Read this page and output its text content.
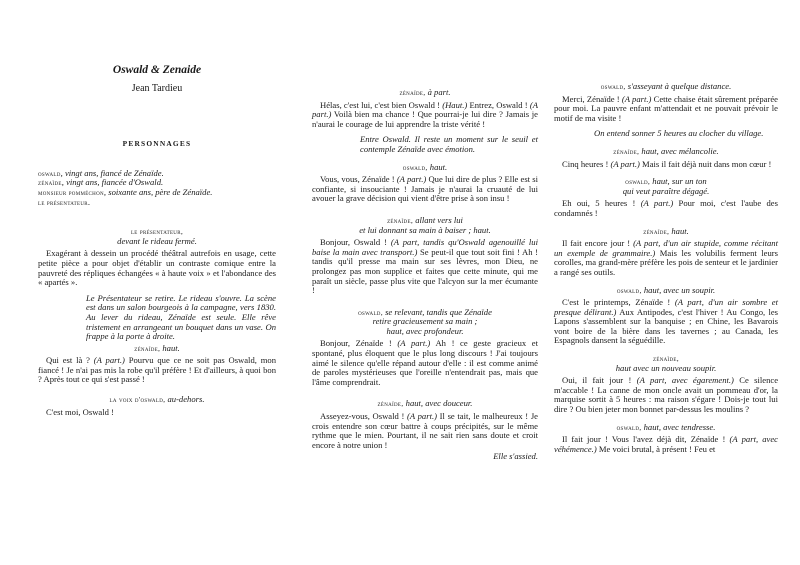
Oswald & Zenaide
Jean Tardieu
PERSONNAGES
oswald, vingt ans, fiancé de Zénaïde.
zénaïde, vingt ans, fiancée d'Oswald.
monsieur pomméchon, soixante ans, père de Zénaïde.
le présentateur.
le présentateur,
devant le rideau fermé.

Exagérant à dessein un procédé théâtral autrefois en usage, cette petite pièce a pour objet d'établir un contraste comique entre la pauvreté des répliques échangées « à haute voix » et l'abondance des « apartés ».

Le Présentateur se retire. Le rideau s'ouvre. La scène est dans un salon bourgeois à la campagne, vers 1830. Au lever du rideau, Zénaïde est seule. Elle rêve tristement en arrangeant un bouquet dans un vase. On frappe à la porte à droite.
zénaïde, haut.

Qui est là ? (A part.) Pourvu que ce ne soit pas Oswald, mon fiancé ! Je n'ai pas mis la robe qu'il préfère ! Et d'ailleurs, à quoi bon ? Après tout ce qui s'est passé !

la voix d'oswald, au-dehors.

C'est moi, Oswald !

zénaïde, à part.

Hélas, c'est lui, c'est bien Oswald ! (Haut.) Entrez, Oswald ! (A part.) Voilà bien ma chance ! Que pourrai-je lui dire ? Jamais je n'aurai le courage de lui apprendre la triste vérité !

Entre Oswald. Il reste un moment sur le seuil et contemple Zénaïde avec émotion.
oswald, haut.

Vous, vous, Zénaïde ! (A part.) Que lui dire de plus ? Elle est si confiante, si insouciante ! Jamais je n'aurai la cruauté de lui avouer la grave décision qui vient d'être prise à son insu !

zénaïde, allant vers lui
et lui donnant sa main à baiser ; haut.

Bonjour, Oswald ! (A part, tandis qu'Oswald agenouillé lui baise la main avec transport.) Se peut-il que tout soit fini ! Ah ! tandis qu'il presse ma main sur ses lèvres, mon Dieu, ne prolongez pas mon supplice et faites que cette minute, qui me paraît un siècle, passe plus vite que l'alcyon sur la mer écumante !

oswald, se relevant, tandis que Zénaïde
retire gracieusement sa main ;
haut, avec profondeur.

Bonjour, Zénaïde ! (A part.) Ah ! ce geste gracieux et spontané, plus éloquent que le plus long discours ! J'ai toujours aimé le silence qu'elle répand autour d'elle : il est comme animé de paroles mystérieuses que l'oreille n'entendrait pas, mais que l'âme comprendrait.

zénaïde, haut, avec douceur.

Asseyez-vous, Oswald ! (A part.) Il se tait, le malheureux ! Je crois entendre son cœur battre à coups précipités, sur le même rythme que le mien. Pourtant, il ne sait rien sans doute et croit encore à notre union !

Elle s'assied.
oswald, s'asseyant à quelque distance.

Merci, Zénaïde ! (A part.) Cette chaise était sûrement préparée pour moi. La pauvre enfant m'attendait et ne pouvait prévoir le motif de ma visite !

On entend sonner 5 heures au clocher du village.
zénaïde, haut, avec mélancolie.

Cinq heures ! (A part.) Mais il fait déjà nuit dans mon cœur !

oswald, haut, sur un ton
qui veut paraître dégagé.

Eh oui, 5 heures ! (A part.) Pour moi, c'est l'aube des condamnés !

zénaïde, haut.

Il fait encore jour ! (A part, d'un air stupide, comme récitant un exemple de grammaire.) Mais les volubilis ferment leurs corolles, ma grand-mère préfère les pois de senteur et le jardinier a rangé ses outils.

oswald, haut, avec un soupir.

C'est le printemps, Zénaïde ! (A part, d'un air sombre et presque délirant.) Aux Antipodes, c'est l'hiver ! Au Congo, les Lapons s'assemblent sur la banquise ; en Chine, les Bavarois vont boire de la bière dans les tavernes ; au Canada, les Espagnols dansent la séguédille.

zénaïde,
haut avec un nouveau soupir.

Oui, il fait jour ! (A part, avec égarement.) Ce silence m'accable ! La canne de mon oncle avait un pommeau d'or, la marquise sortit à 5 heures : ma raison s'égare ! Dois-je tout lui dire ? Ou bien jeter mon bonnet par-dessus les moulins ?

oswald, haut, avec tendresse.

Il fait jour ! Vous l'avez déjà dit, Zénaïde ! (A part, avec véhémence.) Me voici brutal, à présent ! Feu et
